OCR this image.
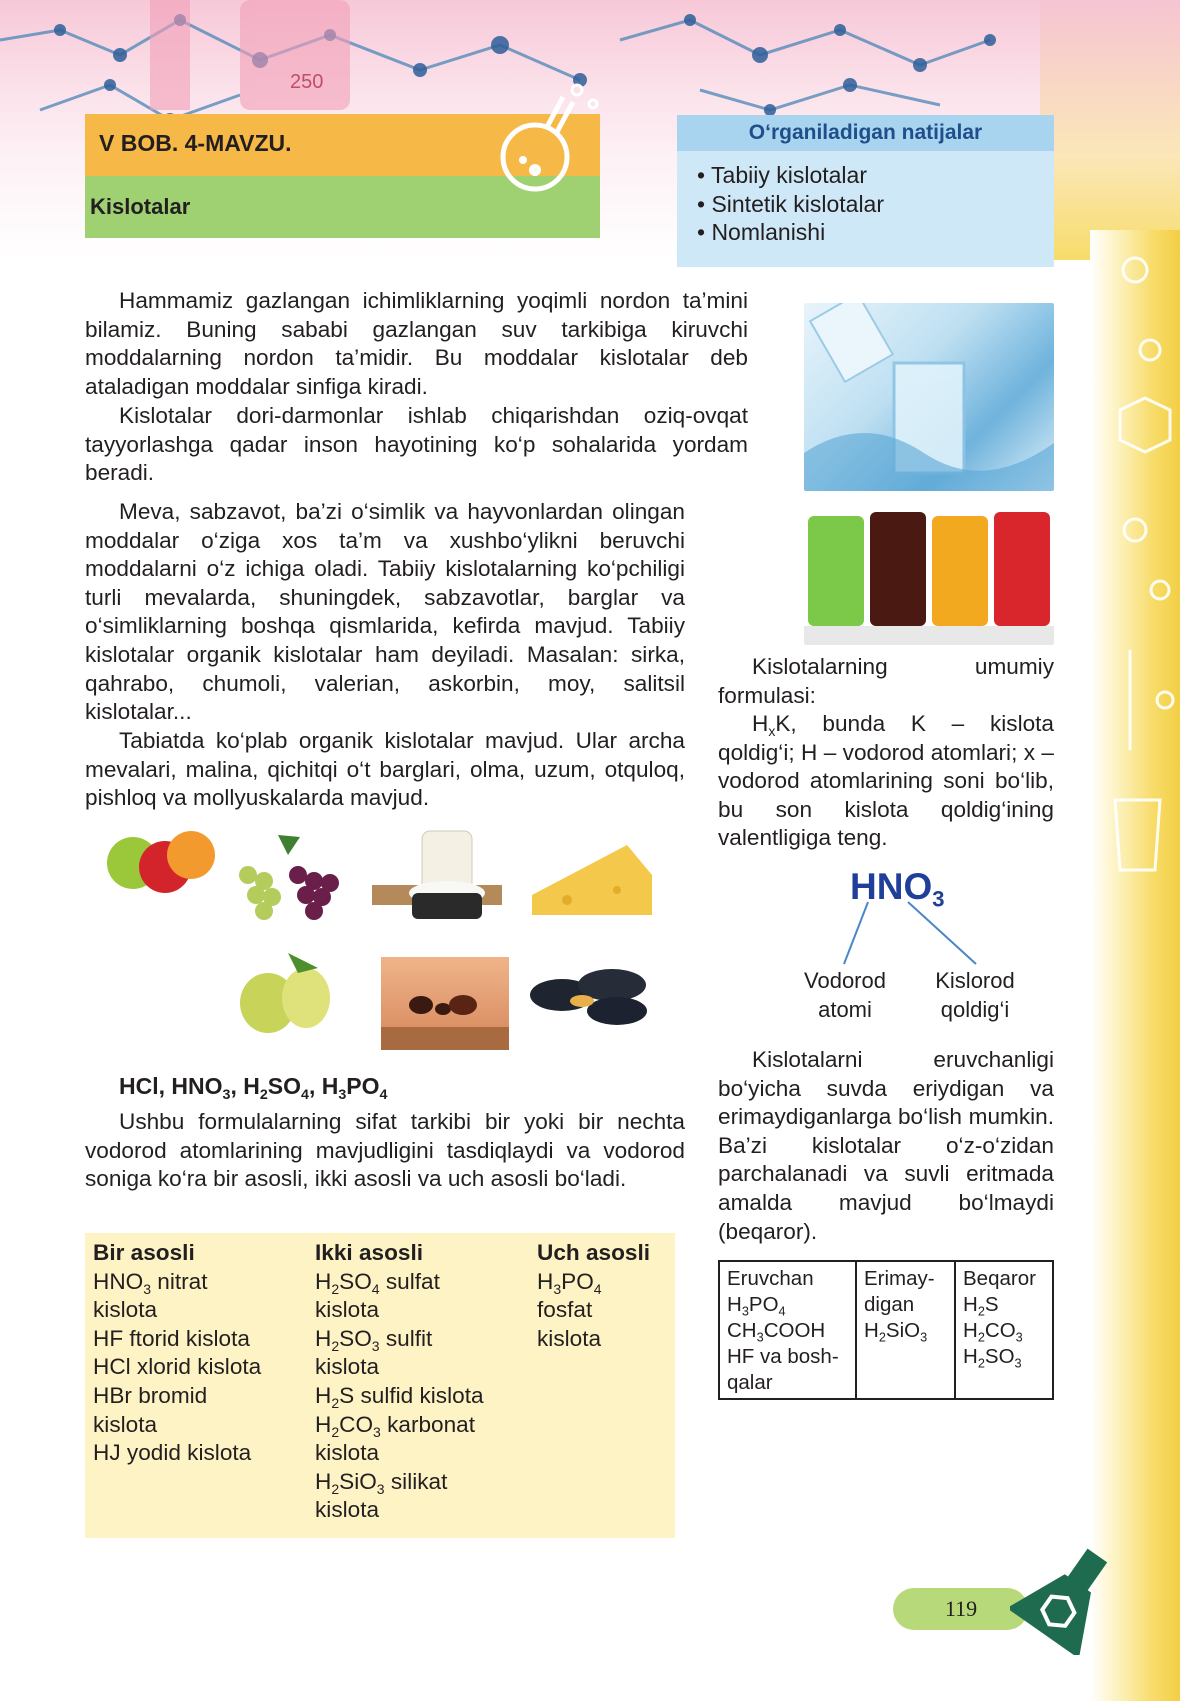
250
V BOB. 4-MAVZU.
Kislotalar
O‘rganiladigan natijalar
• Tabiiy kislotalar
• Sintetik kislotalar
• Nomlanishi

Hammamiz gazlangan ichimliklarning yoqimli nordon ta’mini bilamiz. Buning sababi gazlangan suv tarkibiga kiruvchi moddalarning nordon ta’midir. Bu moddalar kislotalar deb ataladigan moddalar sinfiga kiradi.

Kislotalar dori-darmonlar ishlab chiqarishdan oziq-ovqat tayyorlashga qadar inson hayotining ko‘p sohalarida yordam beradi.

Meva, sabzavot, ba’zi o‘simlik va hayvonlardan olingan moddalar o‘ziga xos ta’m va xushbo‘ylikni beruvchi moddalarni o‘z ichiga oladi. Tabiiy kislotalarning ko‘pchiligi turli mevalarda, shuningdek, sabzavotlar, barglar va o‘simliklarning boshqa qismlarida, kefirda mavjud. Tabiiy kislotalar organik kislotalar ham deyiladi. Masalan: sirka, qahrabo, chumoli, valerian, askorbin, moy, salitsil kislotalar...

Tabiatda ko‘plab organik kislotalar mavjud. Ular archa mevalari, malina, qichitqi o‘t barglari, olma, uzum, otquloq, pishloq va mollyuskalarda mavjud.

Kislotalarning umumiy formulasi:

$H_xK$, bunda K – kislota qoldig‘i; H – vodorod atomlari; x – vodorod atomlarining soni bo‘lib, bu son kislota qoldig‘ining valentligiga teng.

$HNO_3$
Vodorod
atomi
Kislorod
qoldig‘i
HCl, $HNO_3$, $H_2SO_4$, $H_3PO_4$

Ushbu formulalarning sifat tarkibi bir yoki bir nechta vodorod atomlarining mavjudligini tasdiqlaydi va vodorod soniga ko‘ra bir asosli, ikki asosli va uch asosli bo‘ladi.

Bir asosli
$HNO_3$ nitrat
kislota
HF ftorid kislota
HCl xlorid kislota
HBr bromid
kislota
HJ yodid kislota
Ikki asosli
$H_2SO_4$ sulfat
kislota
$H_2SO_3$ sulfit
kislota
$H_2S$ sulfid kislota
$H_2CO_3$ karbonat
kislota
$H_2SiO_3$ silikat
kislota
Uch asosli
$H_3PO_4$
fosfat
kislota

Kislotalarni eruvchanligi bo‘yicha suvda eriydigan va erimaydiganlarga bo‘lish mumkin. Ba’zi kislotalar o‘z-o‘zidan parchalanadi va suvli eritmada amalda mavjud bo‘lmaydi (beqaror).

Eruvchan
$H_3PO_4$
$CH_3COOH$
HF va bosh-
qalar
Erimay-
digan
$H_2SiO_3$
Beqaror
$H_2S$
$H_2CO_3$
$H_2SO_3$
119
